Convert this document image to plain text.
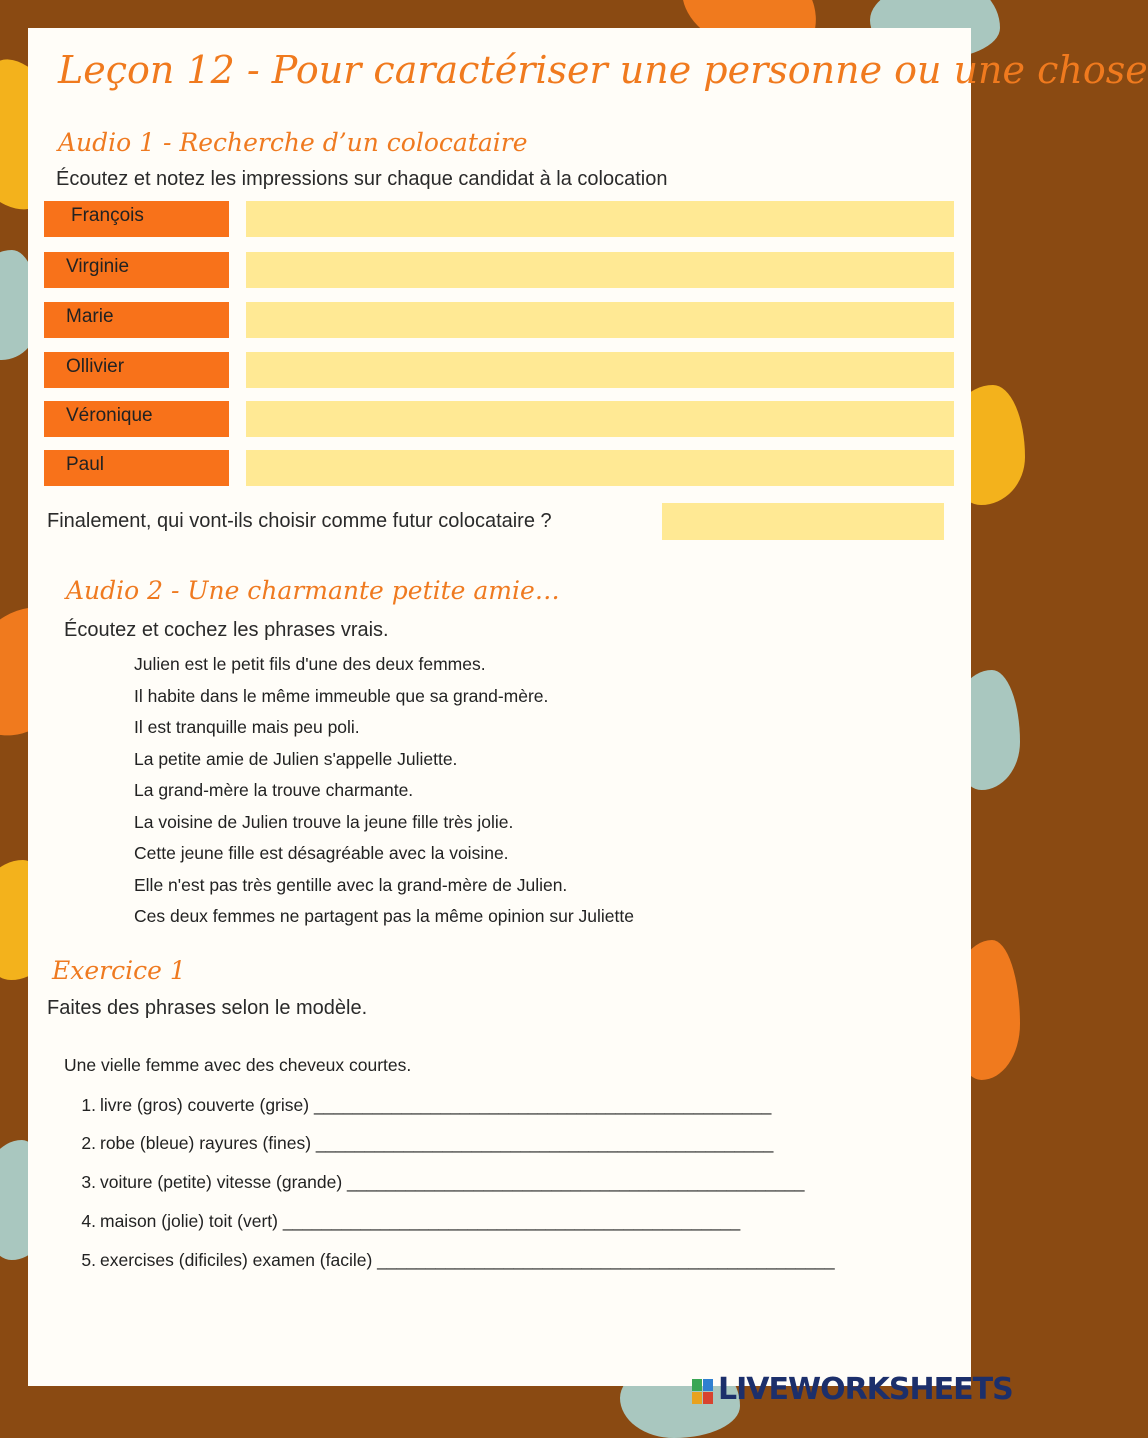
Leçon 12 - Pour caractériser une personne ou une chose
Audio 1 - Recherche d’un colocataire
Écoutez et notez les impressions sur chaque candidat à la colocation
François
Virginie
Marie
Ollivier
Véronique
Paul
Finalement, qui vont-ils choisir comme futur colocataire ?
Audio 2 - Une charmante petite amie…
Écoutez et cochez les phrases vrais.
Julien est le petit fils d'une des deux femmes.
Il habite dans le même immeuble que sa grand-mère.
Il est tranquille mais peu poli.
La petite amie de Julien s'appelle Juliette.
La grand-mère la trouve charmante.
La voisine de Julien trouve la jeune fille très jolie.
Cette jeune fille est désagréable avec la voisine.
Elle n'est pas très gentille avec la grand-mère de Julien.
Ces deux femmes ne partagent pas la même opinion sur Juliette
Exercice 1
Faites des phrases selon le modèle.
Une vielle femme avec des cheveux courtes.
1. livre (gros) couverte (grise) _______________________________________________
2. robe (bleue) rayures (fines) _______________________________________________
3. voiture (petite) vitesse (grande) _______________________________________________
4. maison (jolie) toit (vert) _______________________________________________
5. exercises (dificiles) examen (facile) _______________________________________________
LIVEWORKSHEETS
